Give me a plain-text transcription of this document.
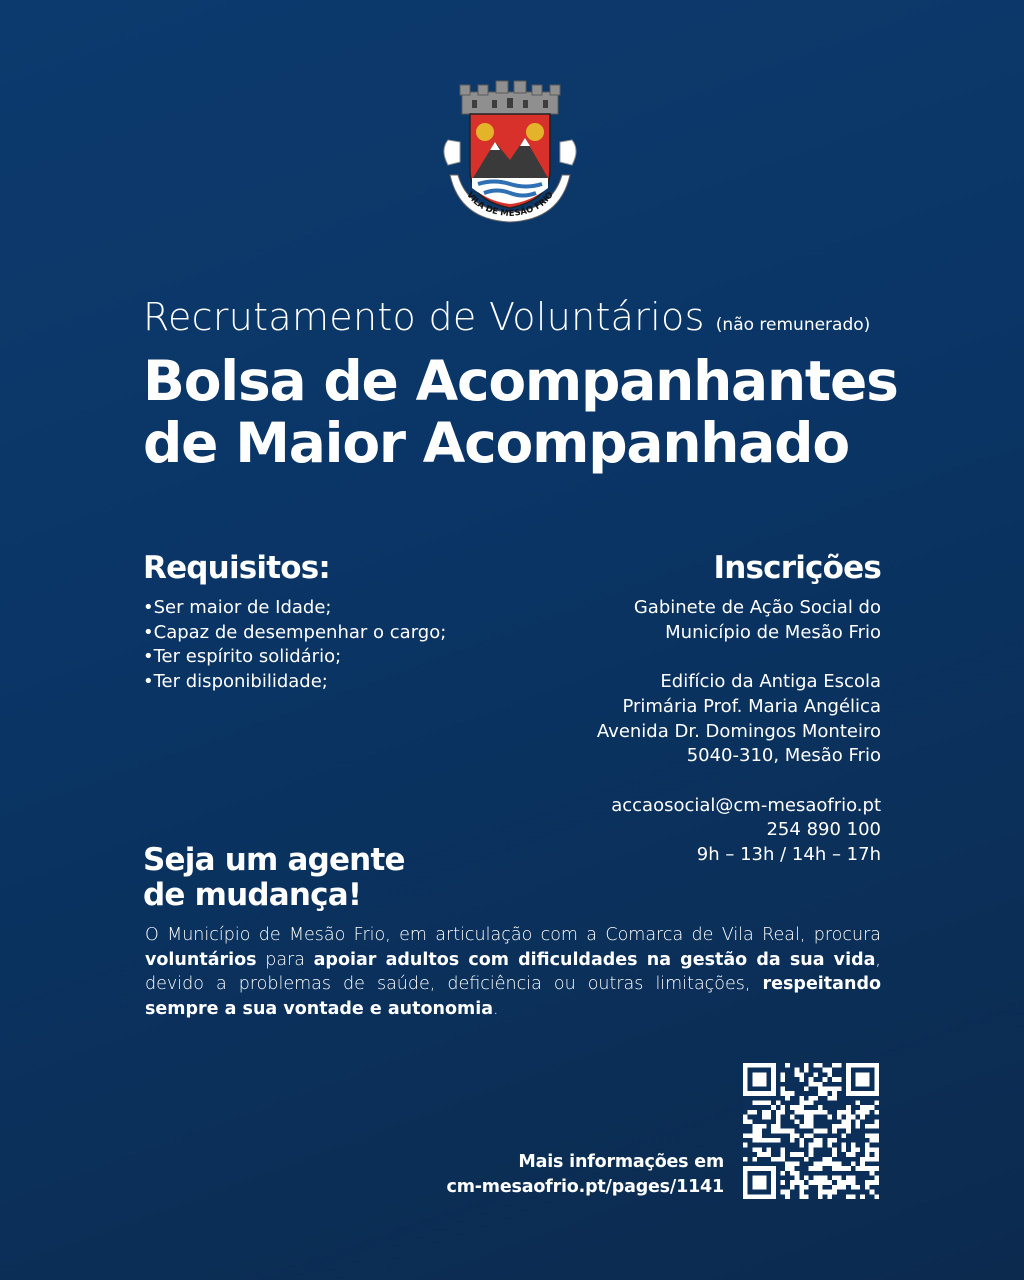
VILA DE MESÃO FRIO
Recrutamento de Voluntários (não remunerado)
Bolsa de Acompanhantes
de Maior Acompanhado
Requisitos:
• Ser maior de Idade;
• Capaz de desempenhar o cargo;
• Ter espírito solidário;
• Ter disponibilidade;
Inscrições
Gabinete de Ação Social do
Município de Mesão Frio
Edifício da Antiga Escola
Primária Prof. Maria Angélica
Avenida Dr. Domingos Monteiro
5040-310, Mesão Frio
accaosocial@cm-mesaofrio.pt
254 890 100
9h – 13h / 14h – 17h
Seja um agente
de mudança!
O Município de Mesão Frio, em articulação com a Comarca de Vila Real, procura voluntários para apoiar adultos com dificuldades na gestão da sua vida, devido a problemas de saúde, deficiência ou outras limitações, respeitando sempre a sua vontade e autonomia.
Mais informações em
cm-mesaofrio.pt/pages/1141
